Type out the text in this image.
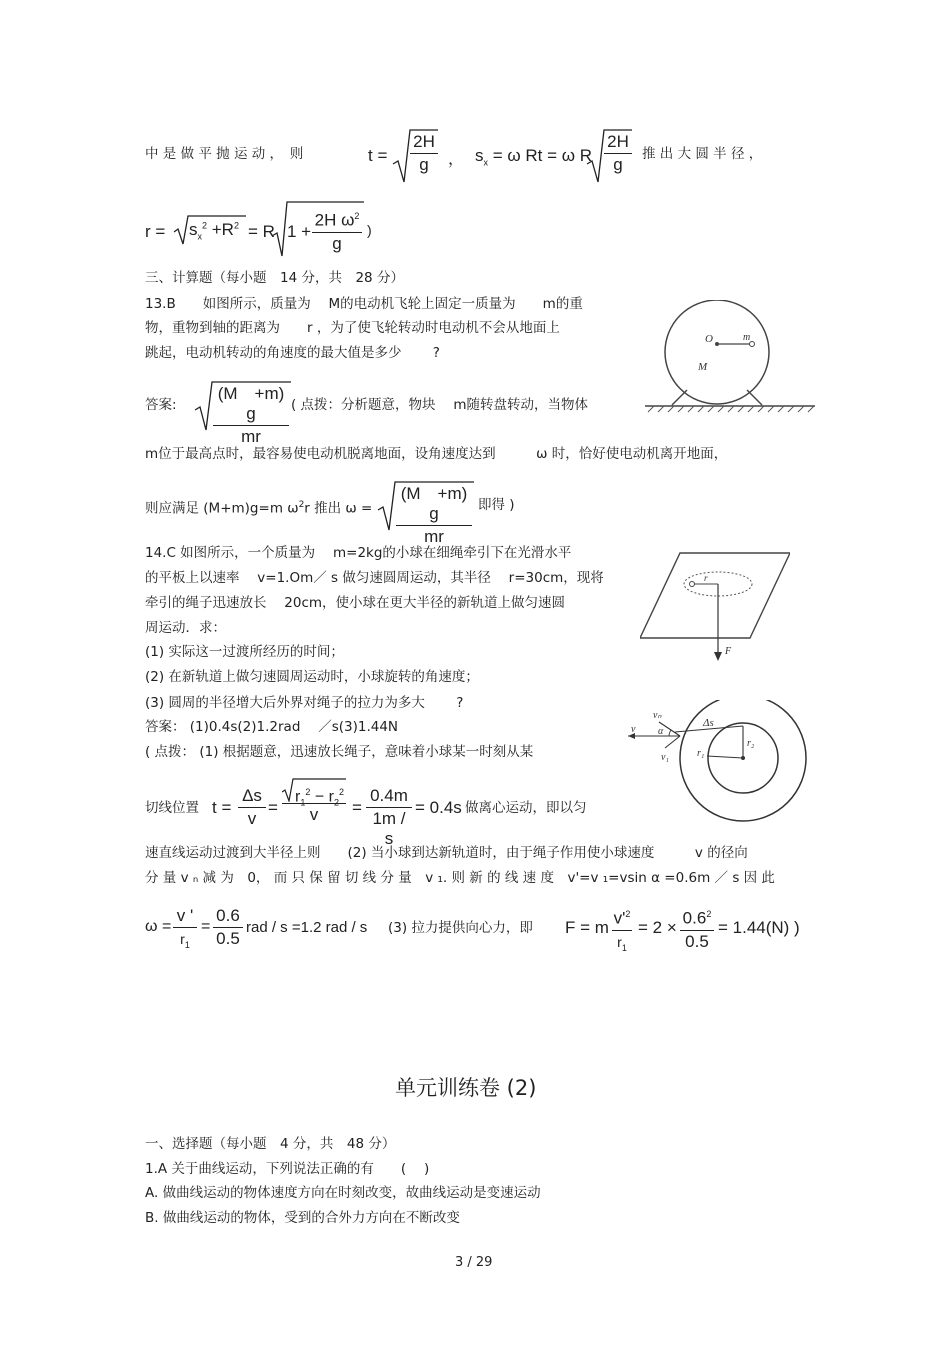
中 是 做 平 抛 运 动 ，　则	t =
2H
g	， $s_x = \omega$ Rt = ω R
2H
g
推 出 大 圆 半 径 ，
$r = s_x^2 +R^2 = R$ 1 +
2H $\omega^2$
g
)
三、计算题（每小题　14 分，共　28 分）
13.B　　如图所示，质量为　 M的电动机飞轮上固定一质量为　　m的重
物，重物到轴的距离为　　r ，为了使飞轮转动时电动机不会从地面上
跳起，电动机转动的角速度的最大值是多少　　 ?
答案:
(M　+m) g
mr
( 点拨：分析题意，物块　 m随转盘转动，当物体
m位于最高点时，最容易使电动机脱离地面，设角速度达到　　　ω 时，恰好使电动机离开地面，
则应满足 (M+m)g=m $\omega^2r$ 推出 ω =
(M　+m) g
mr
即得 )
14.C 如图所示，一个质量为　 m=2kg的小球在细绳牵引下在光滑水平
的平板上以速率　 v=1.Om／ s 做匀速圆周运动，其半径　 r=30cm，现将
牵引的绳子迅速放长　 20cm，使小球在更大半径的新轨道上做匀速圆
周运动．求：
(1) 实际这一过渡所经历的时间；
(2) 在新轨道上做匀速圆周运动时，小球旋转的角速度；
(3) 圆周的半径增大后外界对绳子的拉力为多大　　 ?
答案： (1)0.4s(2)1.2rad　 ／s(3)1.44N
( 点拨： (1) 根据题意，迅速放长绳子，意味着小球某一时刻从某
切线位置 t =
Δs
v
=
$r_1^2 - r_2^2$
v	=
0.4m
1m / s
= 0.4s 做离心运动，即以匀
速直线运动过渡到大半径上则　　(2) 当小球到达新轨道时，由于绳子作用使小球速度　　　v 的径向
分 量 v ₙ 减 为　0， 而 只 保 留 切 线 分 量　v ₁. 则 新 的 线 速 度　v'=v ₁=vsin α =0.6m ／ s 因 此
ω =
v '
$r_1$
=
0.6
0.5
rad / s =1.2 rad / s (3) 拉力提供向心力，即 F = m $v'^2$
$r_1$
= $2 \times 0.6^2$
0.5
= 1.44(N) )
O	m
M
r
F
vₙ
v α
Δs
r₁
r₂
v₁
单元训练卷 (2)
一、选择题（每小题　4 分，共　48 分）
1.A 关于曲线运动，下列说法正确的有　　(　 )
A. 做曲线运动的物体速度方向在时刻改变，故曲线运动是变速运动
B. 做曲线运动的物体，受到的合外力方向在不断改变
3 / 29
